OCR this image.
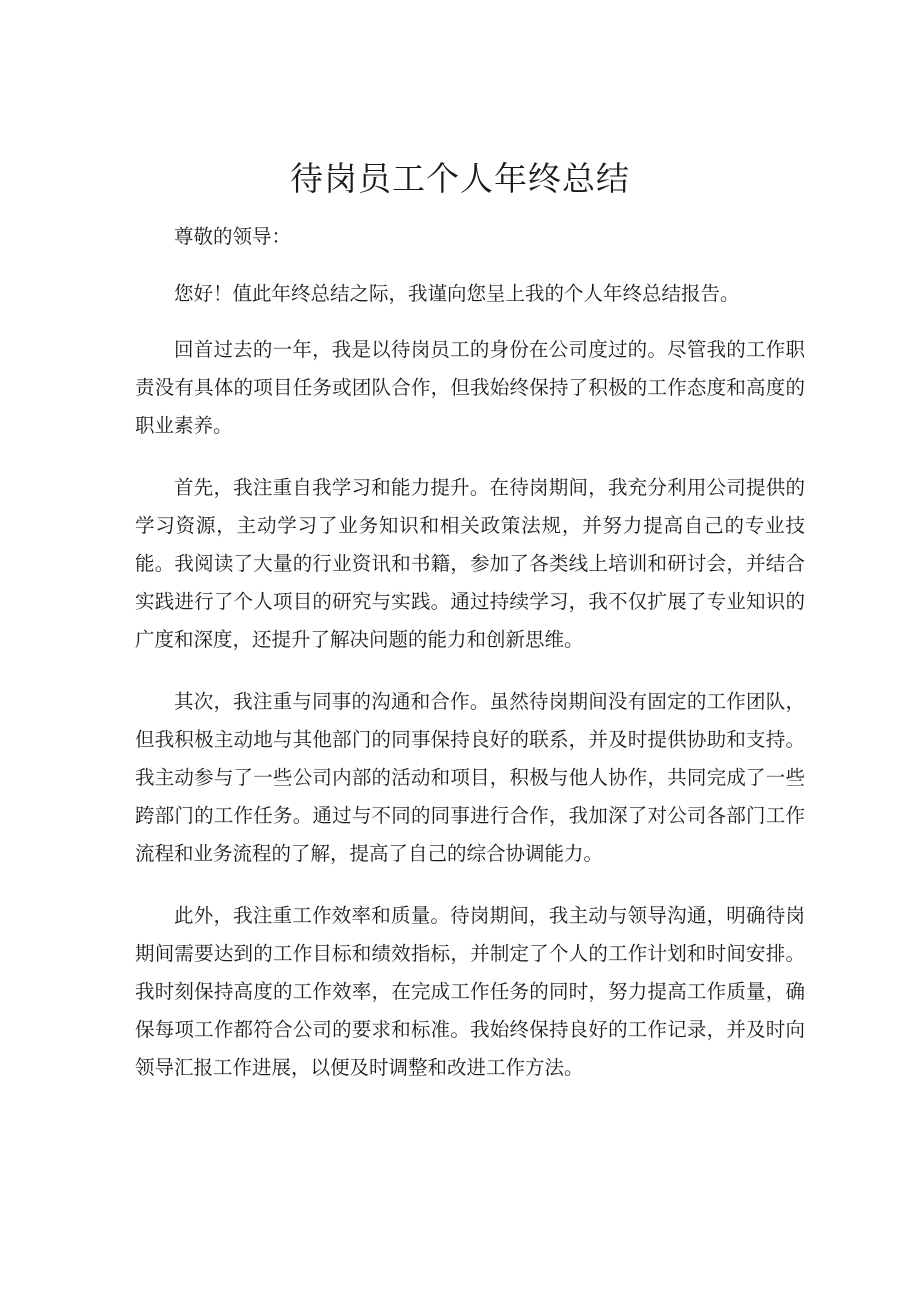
待岗员工个人年终总结

尊敬的领导：

您好！值此年终总结之际，我谨向您呈上我的个人年终总结报告。

回首过去的一年，我是以待岗员工的身份在公司度过的。尽管我的工作职责没有具体的项目任务或团队合作，但我始终保持了积极的工作态度和高度的职业素养。

首先，我注重自我学习和能力提升。在待岗期间，我充分利用公司提供的学习资源，主动学习了业务知识和相关政策法规，并努力提高自己的专业技能。我阅读了大量的行业资讯和书籍，参加了各类线上培训和研讨会，并结合实践进行了个人项目的研究与实践。通过持续学习，我不仅扩展了专业知识的广度和深度，还提升了解决问题的能力和创新思维。

其次，我注重与同事的沟通和合作。虽然待岗期间没有固定的工作团队，但我积极主动地与其他部门的同事保持良好的联系，并及时提供协助和支持。我主动参与了一些公司内部的活动和项目，积极与他人协作，共同完成了一些跨部门的工作任务。通过与不同的同事进行合作，我加深了对公司各部门工作流程和业务流程的了解，提高了自己的综合协调能力。

此外，我注重工作效率和质量。待岗期间，我主动与领导沟通，明确待岗期间需要达到的工作目标和绩效指标，并制定了个人的工作计划和时间安排。我时刻保持高度的工作效率，在完成工作任务的同时，努力提高工作质量，确保每项工作都符合公司的要求和标准。我始终保持良好的工作记录，并及时向领导汇报工作进展，以便及时调整和改进工作方法。
